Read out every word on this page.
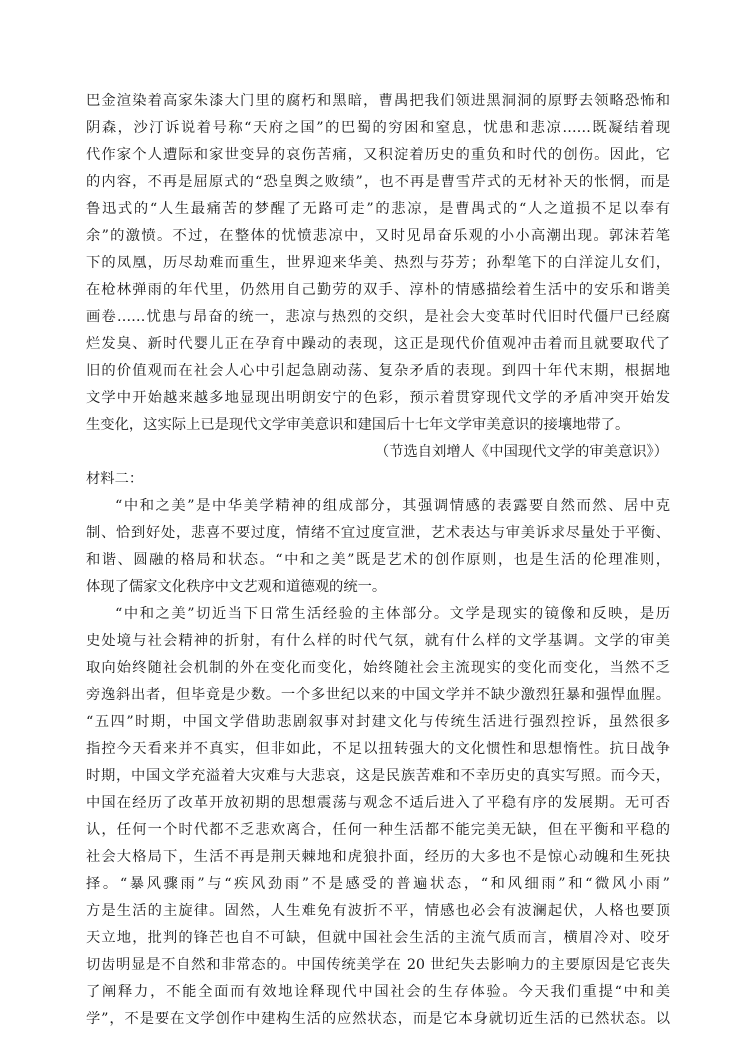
巴金渲染着高家朱漆大门里的腐朽和黑暗，曹禺把我们领进黑洞洞的原野去领略恐怖和
阴森，沙汀诉说着号称“天府之国”的巴蜀的穷困和窒息，忧患和悲凉……既凝结着现
代作家个人遭际和家世变异的哀伤苦痛，又积淀着历史的重负和时代的创伤。因此，它
的内容，不再是屈原式的“恐皇舆之败绩”，也不再是曹雪芹式的无材补天的怅惘，而是
鲁迅式的“人生最痛苦的梦醒了无路可走”的悲凉，是曹禺式的“人之道损不足以奉有
余”的激愤。不过，在整体的忧愤悲凉中，又时见昂奋乐观的小小高潮出现。郭沫若笔
下的凤凰，历尽劫难而重生，世界迎来华美、热烈与芬芳；孙犁笔下的白洋淀儿女们，
在枪林弹雨的年代里，仍然用自己勤劳的双手、淳朴的情感描绘着生活中的安乐和谐美
画卷……忧患与昂奋的统一，悲凉与热烈的交织，是社会大变革时代旧时代僵尸已经腐
烂发臭、新时代婴儿正在孕育中躁动的表现，这正是现代价值观冲击着而且就要取代了
旧的价值观而在社会人心中引起急剧动荡、复杂矛盾的表现。到四十年代末期，根据地
文学中开始越来越多地显现出明朗安宁的色彩，预示着贯穿现代文学的矛盾冲突开始发
生变化，这实际上已是现代文学审美意识和建国后十七年文学审美意识的接壤地带了。
（节选自刘增人《中国现代文学的审美意识》）
材料二：
“中和之美”是中华美学精神的组成部分，其强调情感的表露要自然而然、居中克
制、恰到好处，悲喜不要过度，情绪不宜过度宣泄，艺术表达与审美诉求尽量处于平衡、
和谐、圆融的格局和状态。“中和之美”既是艺术的创作原则，也是生活的伦理准则，
体现了儒家文化秩序中文艺观和道德观的统一。
“中和之美”切近当下日常生活经验的主体部分。文学是现实的镜像和反映，是历
史处境与社会精神的折射，有什么样的时代气氛，就有什么样的文学基调。文学的审美
取向始终随社会机制的外在变化而变化，始终随社会主流现实的变化而变化，当然不乏
旁逸斜出者，但毕竟是少数。一个多世纪以来的中国文学并不缺少激烈狂暴和强悍血腥。
“五四”时期，中国文学借助悲剧叙事对封建文化与传统生活进行强烈控诉，虽然很多
指控今天看来并不真实，但非如此，不足以扭转强大的文化惯性和思想惰性。抗日战争
时期，中国文学充溢着大灾难与大悲哀，这是民族苦难和不幸历史的真实写照。而今天，
中国在经历了改革开放初期的思想震荡与观念不适后进入了平稳有序的发展期。无可否
认，任何一个时代都不乏悲欢离合，任何一种生活都不能完美无缺，但在平衡和平稳的
社会大格局下，生活不再是荆天棘地和虎狼扑面，经历的大多也不是惊心动魄和生死抉
择。“暴风骤雨”与“疾风劲雨”不是感受的普遍状态，“和风细雨”和“微风小雨”
方是生活的主旋律。固然，人生难免有波折不平，情感也必会有波澜起伏，人格也要顶
天立地，批判的锋芒也自不可缺，但就中国社会生活的主流气质而言，横眉冷对、咬牙
切齿明显是不自然和非常态的。中国传统美学在 20 世纪失去影响力的主要原因是它丧失
了阐释力，不能全面而有效地诠释现代中国社会的生存体验。今天我们重提“中和美
学”，不是要在文学创作中建构生活的应然状态，而是它本身就切近生活的已然状态。以
